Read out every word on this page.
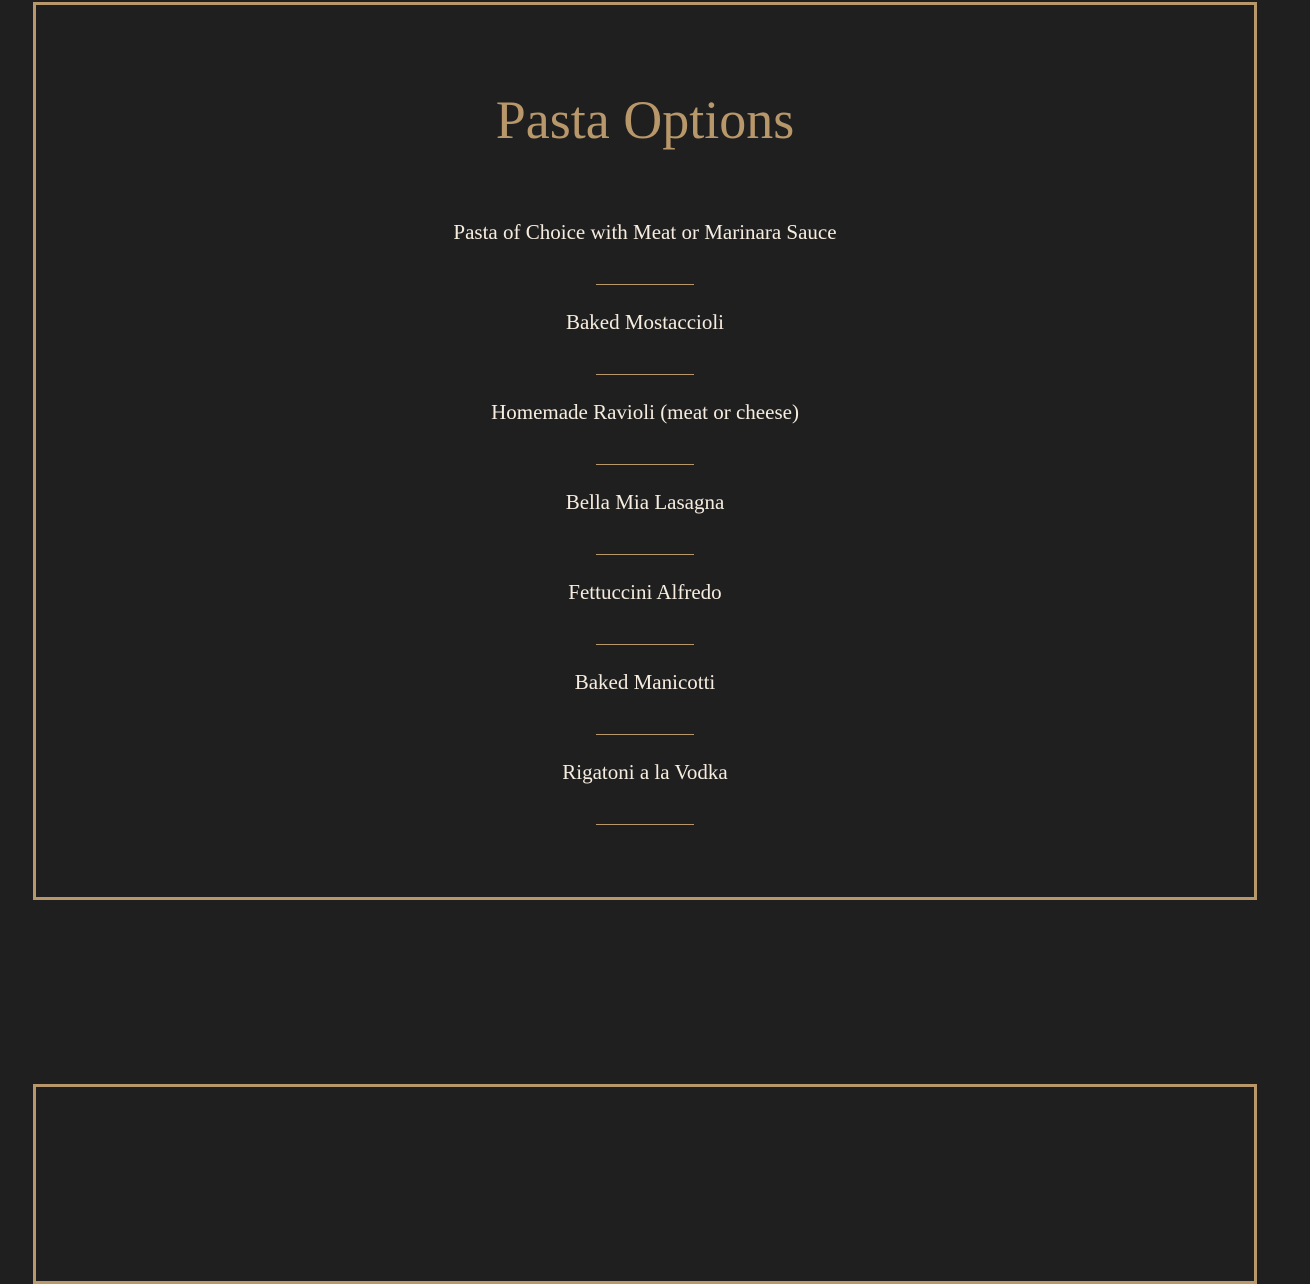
Pasta Options
Pasta of Choice with Meat or Marinara Sauce
Baked Mostaccioli
Homemade Ravioli (meat or cheese)
Bella Mia Lasagna
Fettuccini Alfredo
Baked Manicotti
Rigatoni a la Vodka
